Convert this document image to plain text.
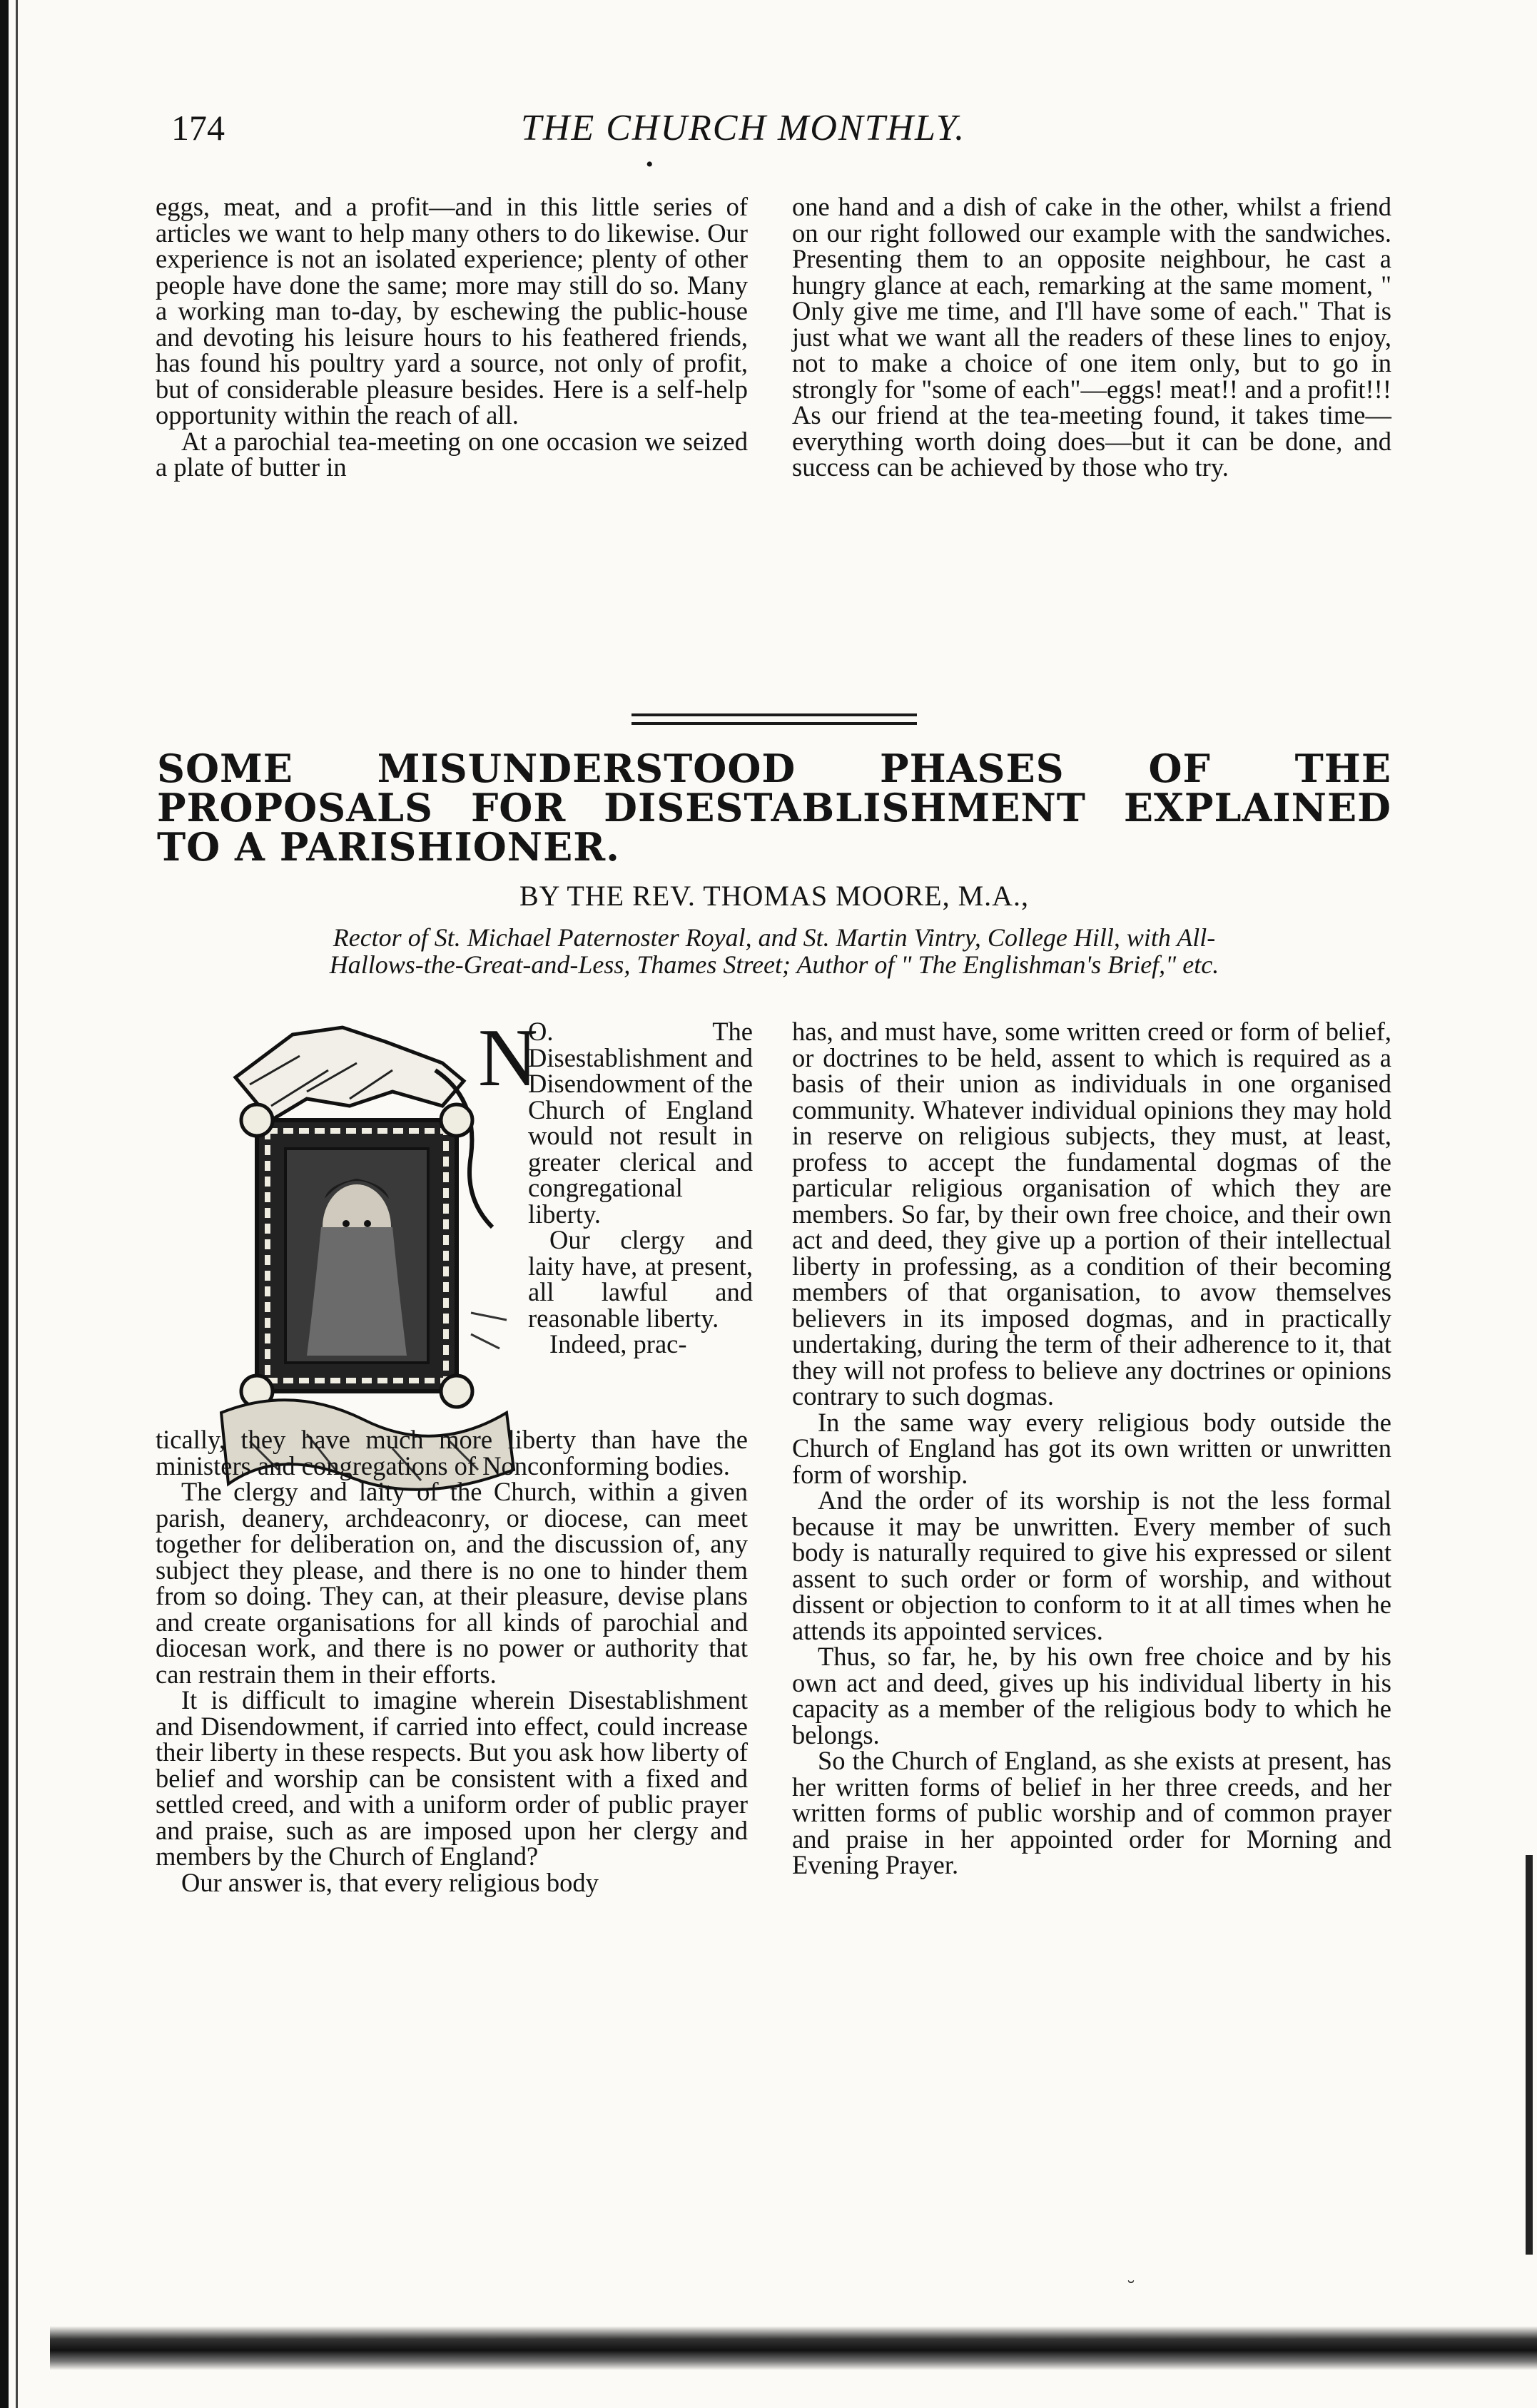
174	THE CHURCH MONTHLY.
•

eggs, meat, and a profit—and in this little series of articles we want to help many others to do likewise. Our experience is not an isolated experience; plenty of other people have done the same; more may still do so. Many a working man to-day, by eschewing the public-house and devoting his leisure hours to his feathered friends, has found his poultry yard a source, not only of profit, but of considerable pleasure besides. Here is a self-help opportunity within the reach of all.

At a parochial tea-meeting on one occasion we seized a plate of butter in

one hand and a dish of cake in the other, whilst a friend on our right followed our example with the sandwiches. Presenting them to an opposite neighbour, he cast a hungry glance at each, remarking at the same moment, " Only give me time, and I'll have some of each." That is just what we want all the readers of these lines to enjoy, not to make a choice of one item only, but to go in strongly for "some of each"—eggs! meat!! and a profit!!! As our friend at the tea-meeting found, it takes time—everything worth doing does—but it can be done, and success can be achieved by those who try.

SOME MISUNDERSTOOD PHASES OF THE PROPOSALS FOR DISESTABLISHMENT EXPLAINED TO A PARISHIONER.
BY THE REV. THOMAS MOORE, M.A.,
Rector of St. Michael Paternoster Royal, and St. Martin Vintry, College Hill, with All-
Hallows-the-Great-and-Less, Thames Street; Author of " The Englishman's Brief," etc.
N

O. The Disestablishment and Disendowment of the Church of England would not result in greater clerical and congregational liberty.

Our clergy and laity have, at present, all lawful and reasonable liberty.

Indeed, prac-

tically, they have much more liberty than have the ministers and congregations of Nonconforming bodies.

The clergy and laity of the Church, within a given parish, deanery, archdeaconry, or diocese, can meet together for deliberation on, and the discussion of, any subject they please, and there is no one to hinder them from so doing. They can, at their pleasure, devise plans and create organisations for all kinds of parochial and diocesan work, and there is no power or authority that can restrain them in their efforts.

It is difficult to imagine wherein Disestablishment and Disendowment, if carried into effect, could increase their liberty in these respects. But you ask how liberty of belief and worship can be consistent with a fixed and settled creed, and with a uniform order of public prayer and praise, such as are imposed upon her clergy and members by the Church of England?

Our answer is, that every religious body

has, and must have, some written creed or form of belief, or doctrines to be held, assent to which is required as a basis of their union as individuals in one organised community. Whatever individual opinions they may hold in reserve on religious subjects, they must, at least, profess to accept the fundamental dogmas of the particular religious organisation of which they are members. So far, by their own free choice, and their own act and deed, they give up a portion of their intellectual liberty in professing, as a condition of their becoming members of that organisation, to avow themselves believers in its imposed dogmas, and in practically undertaking, during the term of their adherence to it, that they will not profess to believe any doctrines or opinions contrary to such dogmas.

In the same way every religious body outside the Church of England has got its own written or unwritten form of worship.

And the order of its worship is not the less formal because it may be unwritten. Every member of such body is naturally required to give his expressed or silent assent to such order or form of worship, and without dissent or objection to conform to it at all times when he attends its appointed services.

Thus, so far, he, by his own free choice and by his own act and deed, gives up his individual liberty in his capacity as a member of the religious body to which he belongs.

So the Church of England, as she exists at present, has her written forms of belief in her three creeds, and her written forms of public worship and of common prayer and praise in her appointed order for Morning and Evening Prayer.

˘
